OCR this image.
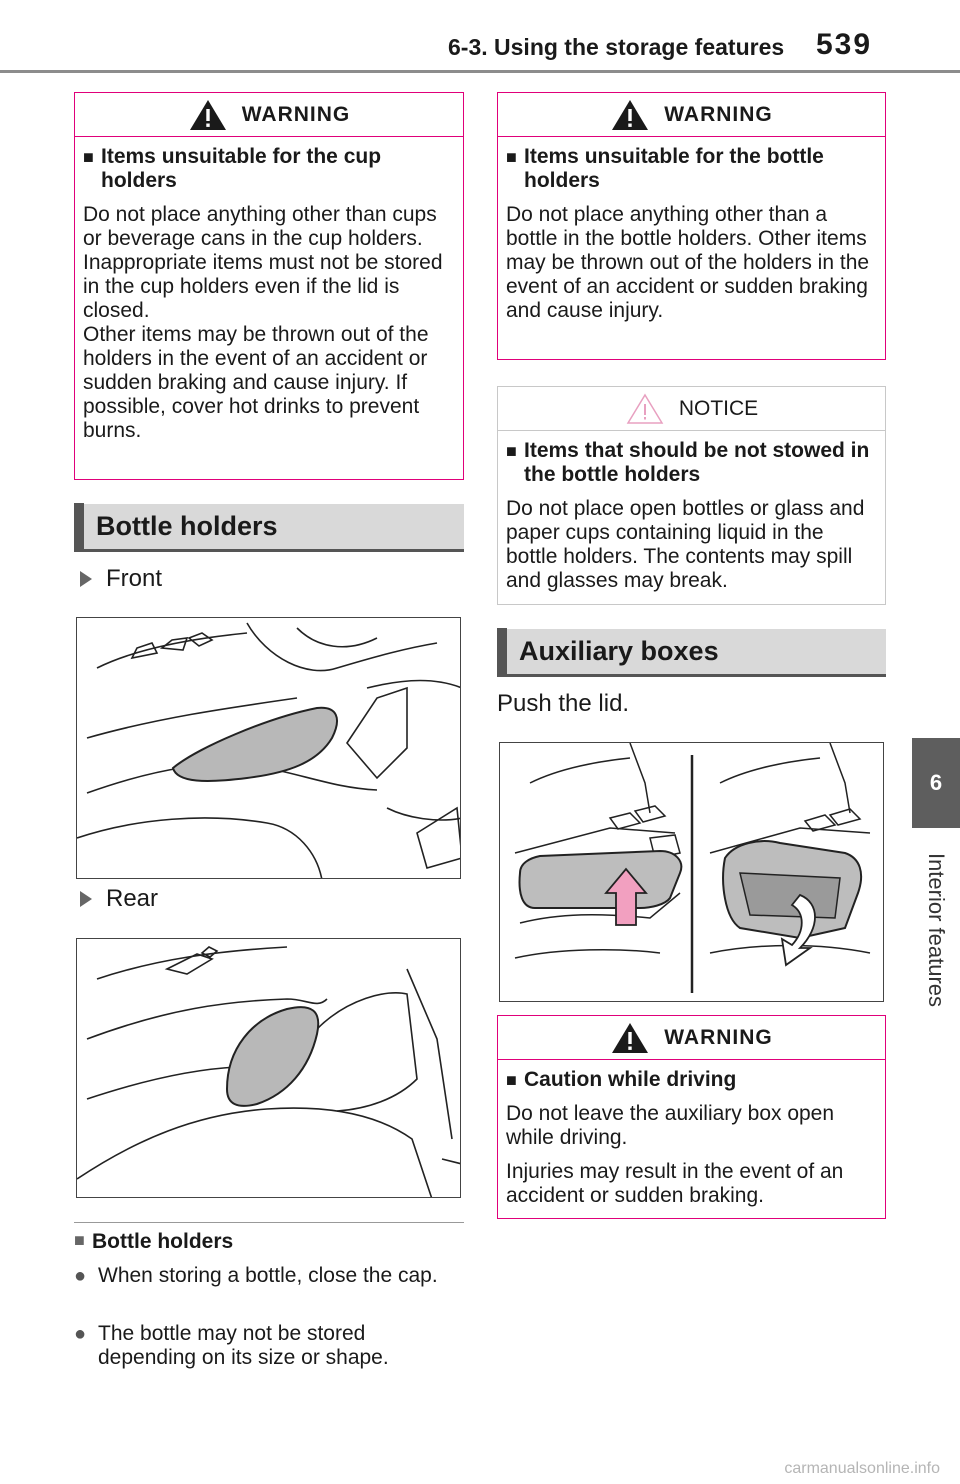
6-3. Using the storage features 539
6
Interior features
WARNING
■ Items unsuitable for the cup holders
Do not place anything other than cups or beverage cans in the cup holders.
Inappropriate items must not be stored in the cup holders even if the lid is closed.
Other items may be thrown out of the holders in the event of an accident or sudden braking and cause injury. If possible, cover hot drinks to prevent burns.
Bottle holders
Front
Rear
■ Bottle holders
● When storing a bottle, close the cap.
● The bottle may not be stored depending on its size or shape.
WARNING
■ Items unsuitable for the bottle holders
Do not place anything other than a bottle in the bottle holders. Other items may be thrown out of the holders in the event of an accident or sudden braking and cause injury.
NOTICE
■ Items that should be not stowed in the bottle holders
Do not place open bottles or glass and paper cups containing liquid in the bottle holders. The contents may spill and glasses may break.
Auxiliary boxes
Push the lid.
WARNING
■ Caution while driving
Do not leave the auxiliary box open while driving.
Injuries may result in the event of an accident or sudden braking.
carmanualsonline.info
